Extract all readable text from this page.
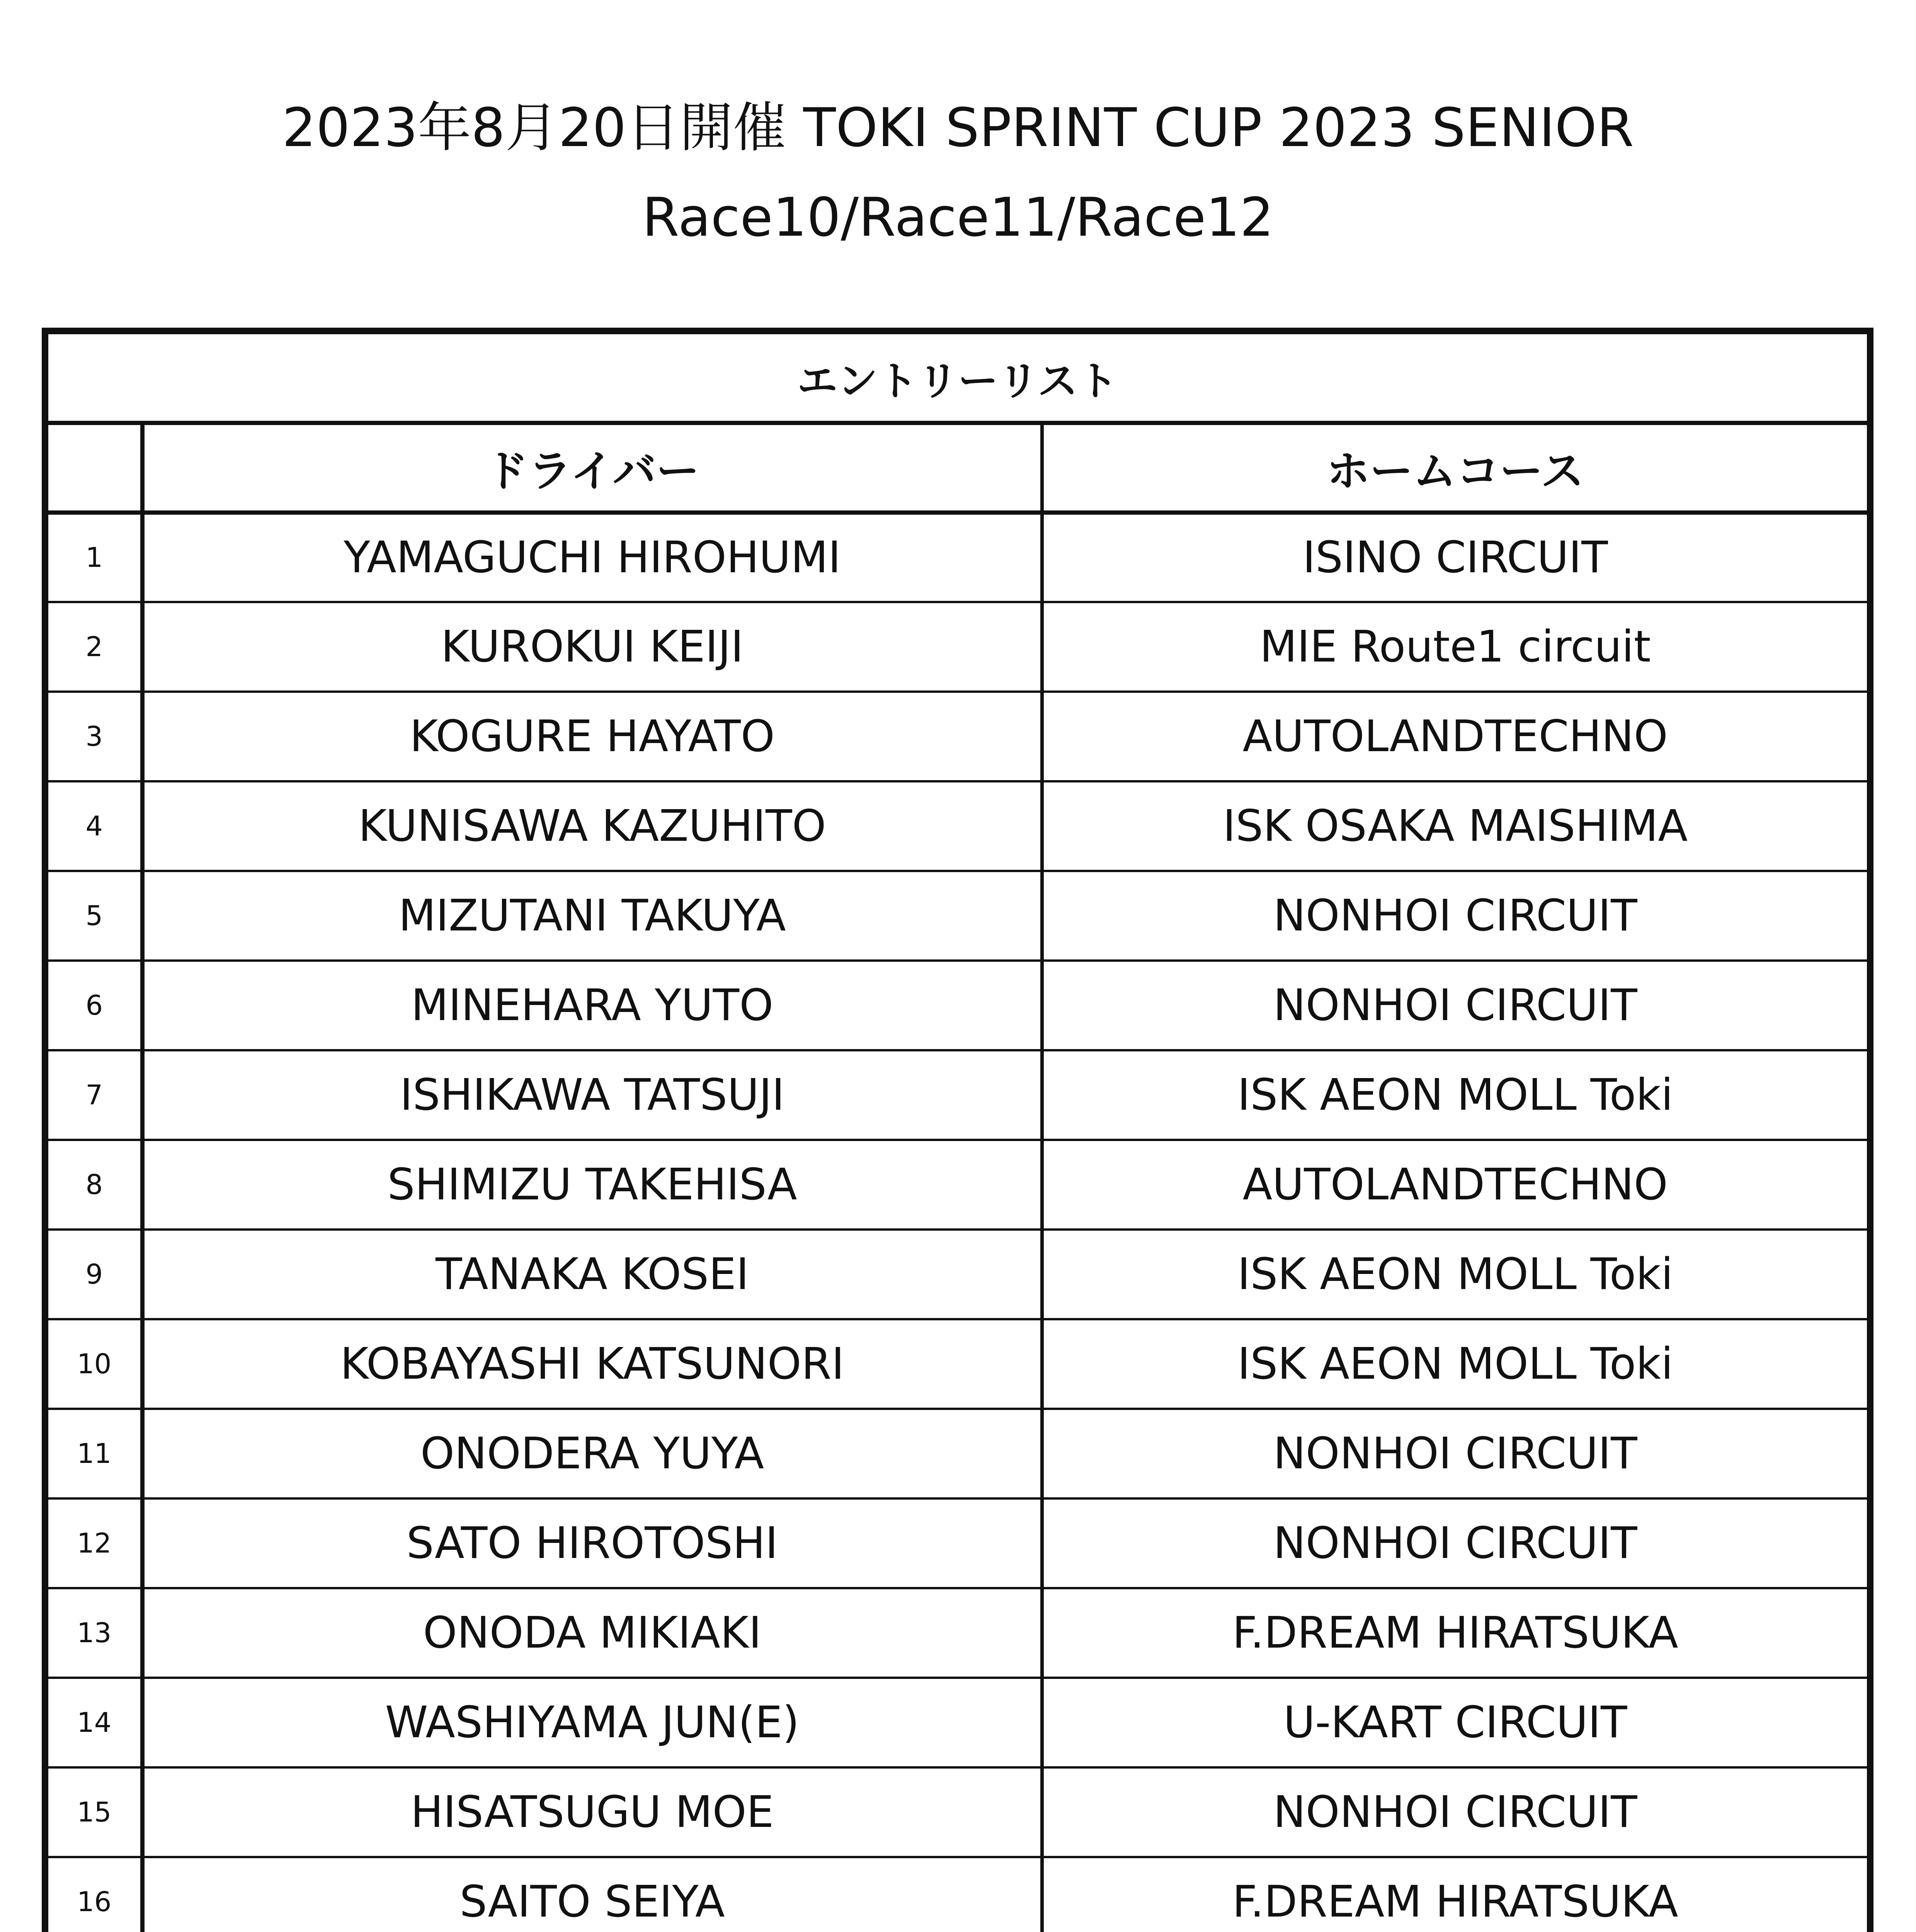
2023年8月20日開催 TOKI SPRINT CUP 2023 SENIOR
Race10/Race11/Race12
エントリーリスト		
	ドライバー	ホームコース
1	YAMAGUCHI HIROHUMI	ISINO CIRCUIT
2	KUROKUI KEIJI	MIE Route1 circuit
3	KOGURE HAYATO	AUTOLANDTECHNO
4	KUNISAWA KAZUHITO	ISK OSAKA MAISHIMA
5	MIZUTANI TAKUYA	NONHOI CIRCUIT
6	MINEHARA YUTO	NONHOI CIRCUIT
7	ISHIKAWA TATSUJI	ISK AEON MOLL Toki
8	SHIMIZU TAKEHISA	AUTOLANDTECHNO
9	TANAKA KOSEI	ISK AEON MOLL Toki
10	KOBAYASHI KATSUNORI	ISK AEON MOLL Toki
11	ONODERA YUYA	NONHOI CIRCUIT
12	SATO HIROTOSHI	NONHOI CIRCUIT
13	ONODA MIKIAKI	F.DREAM HIRATSUKA
14	WASHIYAMA JUN(E)	U-KART CIRCUIT
15	HISATSUGU MOE	NONHOI CIRCUIT
16	SAITO SEIYA	F.DREAM HIRATSUKA
